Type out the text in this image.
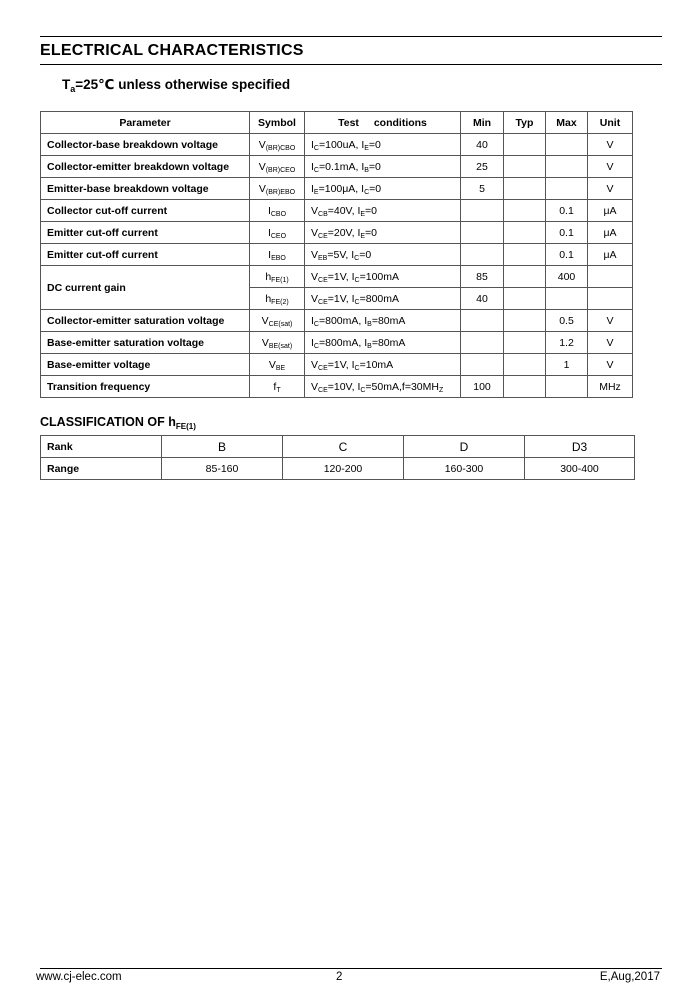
ELECTRICAL CHARACTERISTICS
$T_a=25℃$ unless otherwise specified
Parameter	Symbol	Test conditions	Min	Typ	Max	Unit
Collector-base breakdown voltage	$V_{(BR)CBO}$	$I_C=100uA$, $I_E=0$	40			V
Collector-emitter breakdown voltage	$V_{(BR)CEO}$	$I_C=0.1mA$, $I_B=0$	25			V
Emitter-base breakdown voltage	$V_{(BR)EBO}$	$I_E=100\mu A$, $I_C=0$	5			V
Collector cut-off current	$I_{CBO}$	$V_{CB}=40V$, $I_E=0$			0.1	μA
Emitter cut-off current	$I_{CEO}$	$V_{CE}=20V$, $I_E=0$			0.1	μA
Emitter cut-off current	$I_{EBO}$	$V_{EB}=5V$, $I_C=0$			0.1	μA
DC current gain	$h_{FE(1)}$	$V_{CE}=1V$, $I_C=100mA$	85		400	
	$h_{FE(2)}$	$V_{CE}=1V$, $I_C=800mA$	40			
Collector-emitter saturation voltage	$V_{CE(sat)}$	$I_C=800mA$, $I_B=80mA$			0.5	V
Base-emitter saturation voltage	$V_{BE(sat)}$	$I_C=800mA$, $I_B=80mA$			1.2	V
Base-emitter voltage	$V_{BE}$	$V_{CE}=1V$, $I_C=10mA$			1	V
Transition frequency	$f_T$	$V_{CE}=10V$, $I_C=50mA,f=30MH_Z$	100			MHz
CLASSIFICATION OF $h_{FE(1)}$
Rank	B	C	D	D3
Range	85-160	120-200	160-300	300-400
www.cj-elec.com	2	E,Aug,2017
